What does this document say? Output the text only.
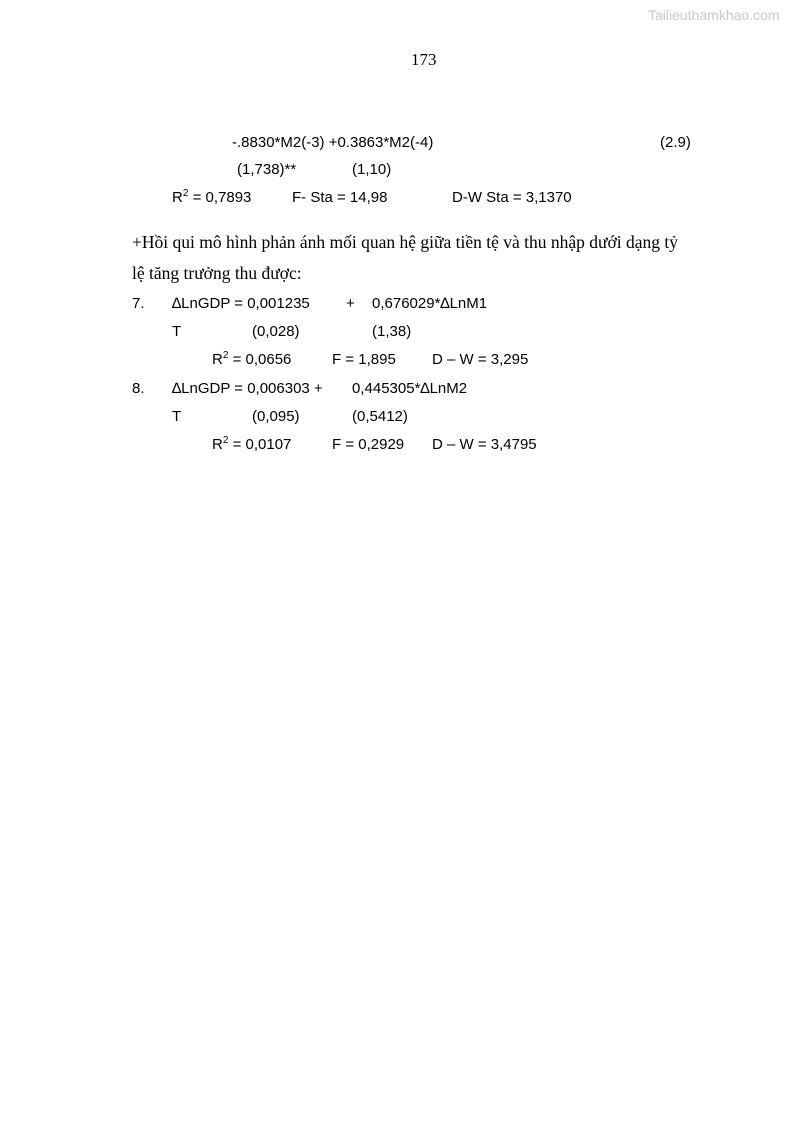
Tailieuthamkhao.com
173
-.8830*M2(-3) +0.3863*M2(-4)	(2.9)
(1,738)**	(1,10)
$R^2 = 0,7893$	F- Sta = 14,98	D-W Sta = 3,1370
+Hồi qui mô hình phản ánh mối quan hệ giữa tiền tệ và thu nhập dưới dạng tỷ
lệ tăng trưởng thu được:
7. ∆LnGDP = 0,001235 + 0,676029*∆LnM1
T	(0,028)	(1,38)
$R^2 = 0,0656$	F = 1,895 D – W = 3,295
8. ∆LnGDP = 0,006303 + 0,445305*∆LnM2
T	(0,095)	(0,5412)
$R^2 = 0,0107$	F = 0,2929 D – W = 3,4795
